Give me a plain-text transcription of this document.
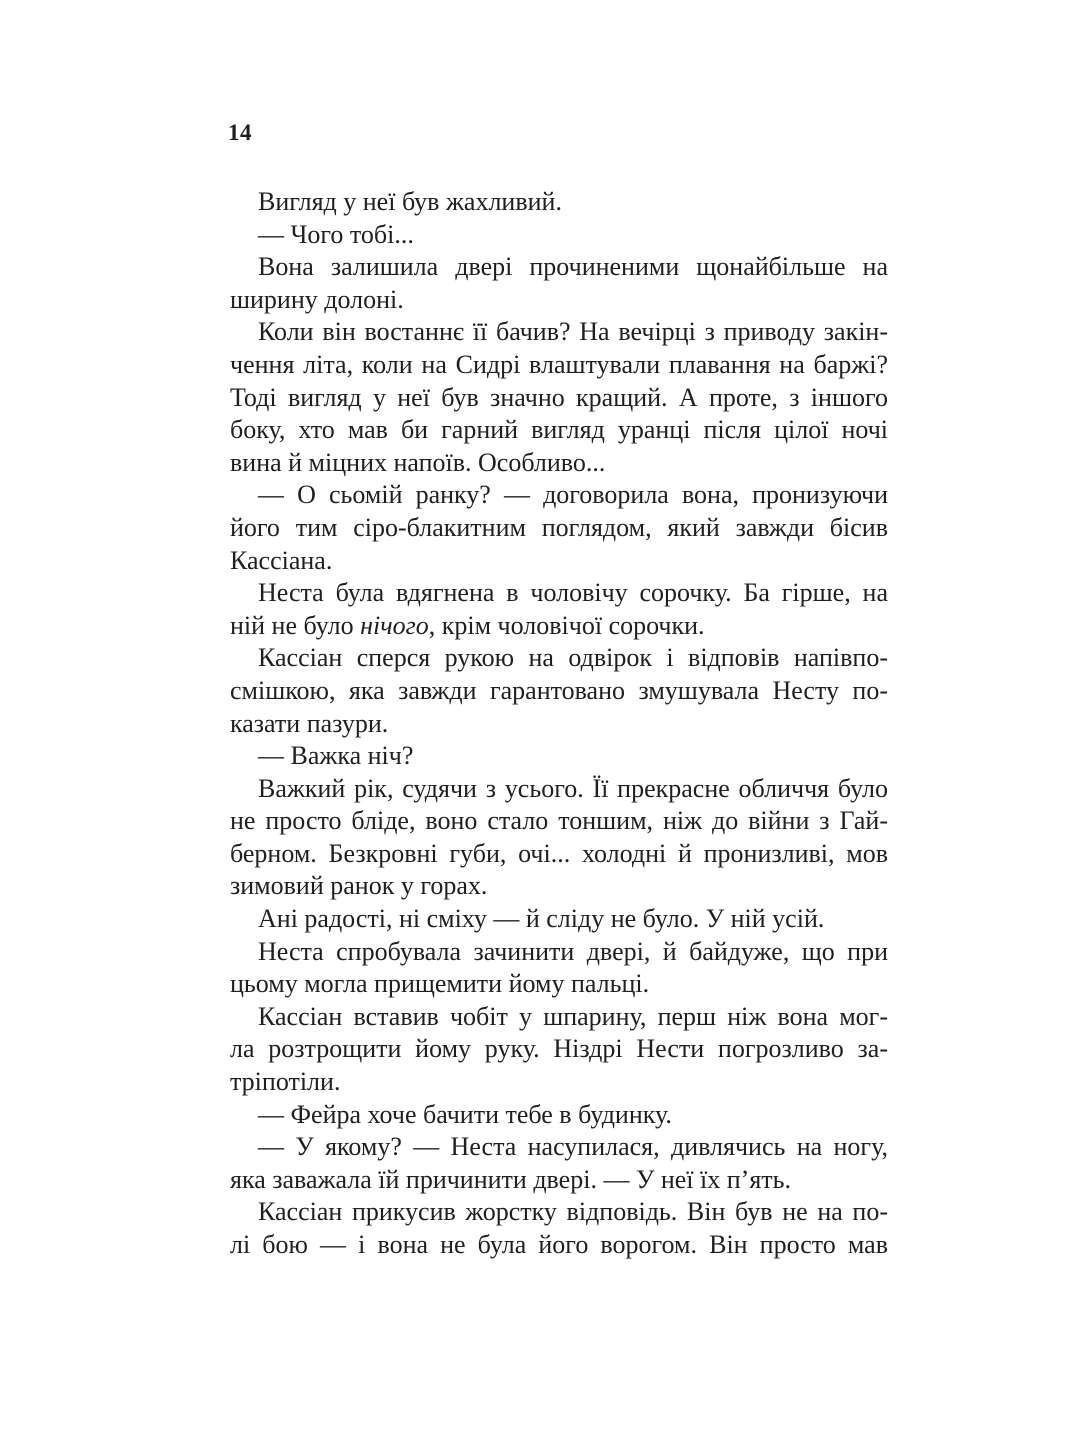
14
Вигляд у неї був жахливий.
— Чого тобі...
Вона залишила двері прочиненими щонайбільше на
ширину долоні.
Коли він востаннє її бачив? На вечірці з приводу закін-
чення літа, коли на Сидрі влаштували плавання на баржі?
Тоді вигляд у неї був значно кращий. А проте, з іншого
боку, хто мав би гарний вигляд уранці після цілої ночі
вина й міцних напоїв. Особливо...
— О сьомій ранку? — договорила вона, пронизуючи
його тим сіро-блакитним поглядом, який завжди бісив
Кассіана.
Неста була вдягнена в чоловічу сорочку. Ба гірше, на
ній не було нічого, крім чоловічої сорочки.
Кассіан сперся рукою на одвірок і відповів напівпо-
смішкою, яка завжди гарантовано змушувала Несту по-
казати пазури.
— Важка ніч?
Важкий рік, судячи з усього. Її прекрасне обличчя було
не просто бліде, воно стало тоншим, ніж до війни з Гай-
берном. Безкровні губи, очі... холодні й пронизливі, мов
зимовий ранок у горах.
Ані радості, ні сміху — й сліду не було. У ній усій.
Неста спробувала зачинити двері, й байдуже, що при
цьому могла прищемити йому пальці.
Кассіан вставив чобіт у шпарину, перш ніж вона мог-
ла розтрощити йому руку. Ніздрі Нести погрозливо за-
тріпотіли.
— Фейра хоче бачити тебе в будинку.
— У якому? — Неста насупилася, дивлячись на ногу,
яка заважала їй причинити двері. — У неї їх п’ять.
Кассіан прикусив жорстку відповідь. Він був не на по-
лі бою — і вона не була його ворогом. Він просто мав
